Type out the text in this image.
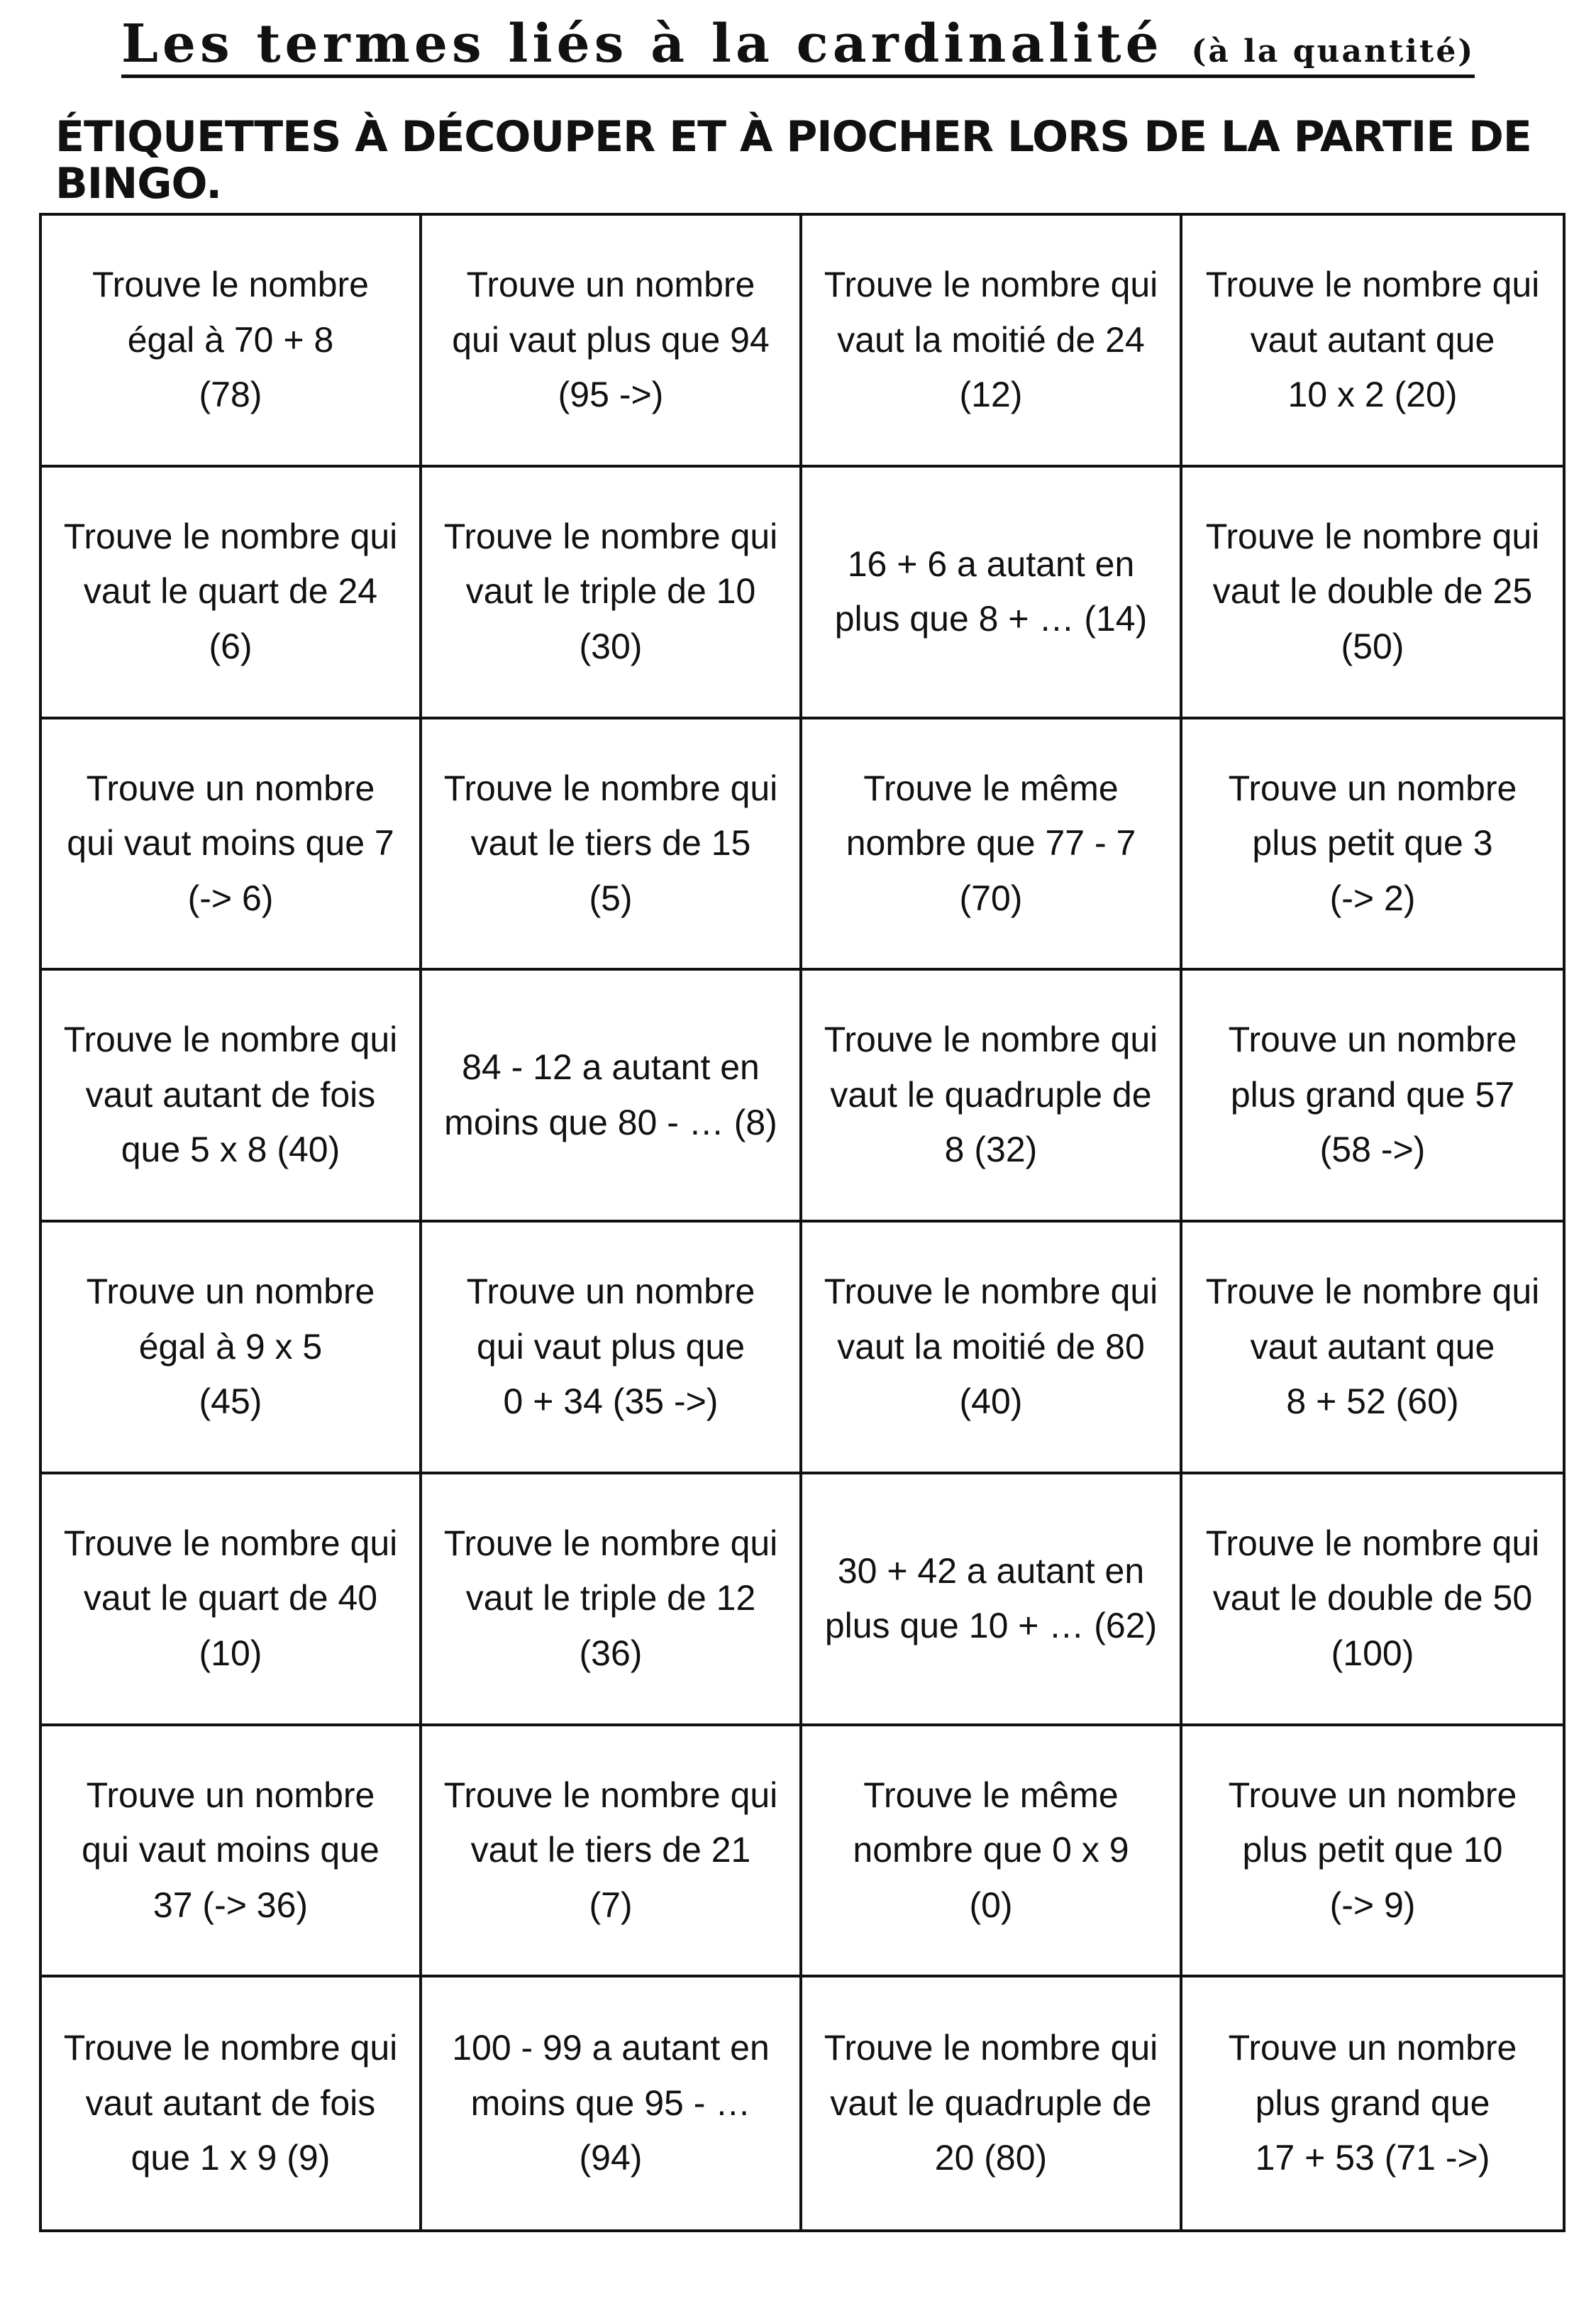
Les termes liés à la cardinalité (à la quantité)
ÉTIQUETTES À DÉCOUPER ET À PIOCHER LORS DE LA PARTIE DE BINGO.
Trouve le nombre
égal à 70 + 8
(78)
Trouve un nombre
qui vaut plus que 94
(95 ->)
Trouve le nombre qui
vaut la moitié de 24
(12)
Trouve le nombre qui
vaut autant que
10 x 2 (20)
Trouve le nombre qui
vaut le quart de 24
(6)
Trouve le nombre qui
vaut le triple de 10
(30)
16 + 6 a autant en
plus que 8 + … (14)
Trouve le nombre qui
vaut le double de 25
(50)
Trouve un nombre
qui vaut moins que 7
(-> 6)
Trouve le nombre qui
vaut le tiers de 15
(5)
Trouve le même
nombre que 77 - 7
(70)
Trouve un nombre
plus petit que 3
(-> 2)
Trouve le nombre qui
vaut autant de fois
que 5 x 8 (40)
84 - 12 a autant en
moins que 80 - … (8)
Trouve le nombre qui
vaut le quadruple de
8 (32)
Trouve un nombre
plus grand que 57
(58 ->)
Trouve un nombre
égal à 9 x 5
(45)
Trouve un nombre
qui vaut plus que
0 + 34 (35 ->)
Trouve le nombre qui
vaut la moitié de 80
(40)
Trouve le nombre qui
vaut autant que
8 + 52 (60)
Trouve le nombre qui
vaut le quart de 40
(10)
Trouve le nombre qui
vaut le triple de 12
(36)
30 + 42 a autant en
plus que 10 + … (62)
Trouve le nombre qui
vaut le double de 50
(100)
Trouve un nombre
qui vaut moins que
37 (-> 36)
Trouve le nombre qui
vaut le tiers de 21
(7)
Trouve le même
nombre que 0 x 9
(0)
Trouve un nombre
plus petit que 10
(-> 9)
Trouve le nombre qui
vaut autant de fois
que 1 x 9 (9)
100 - 99 a autant en
moins que 95 - …
(94)
Trouve le nombre qui
vaut le quadruple de
20 (80)
Trouve un nombre
plus grand que
17 + 53 (71 ->)
